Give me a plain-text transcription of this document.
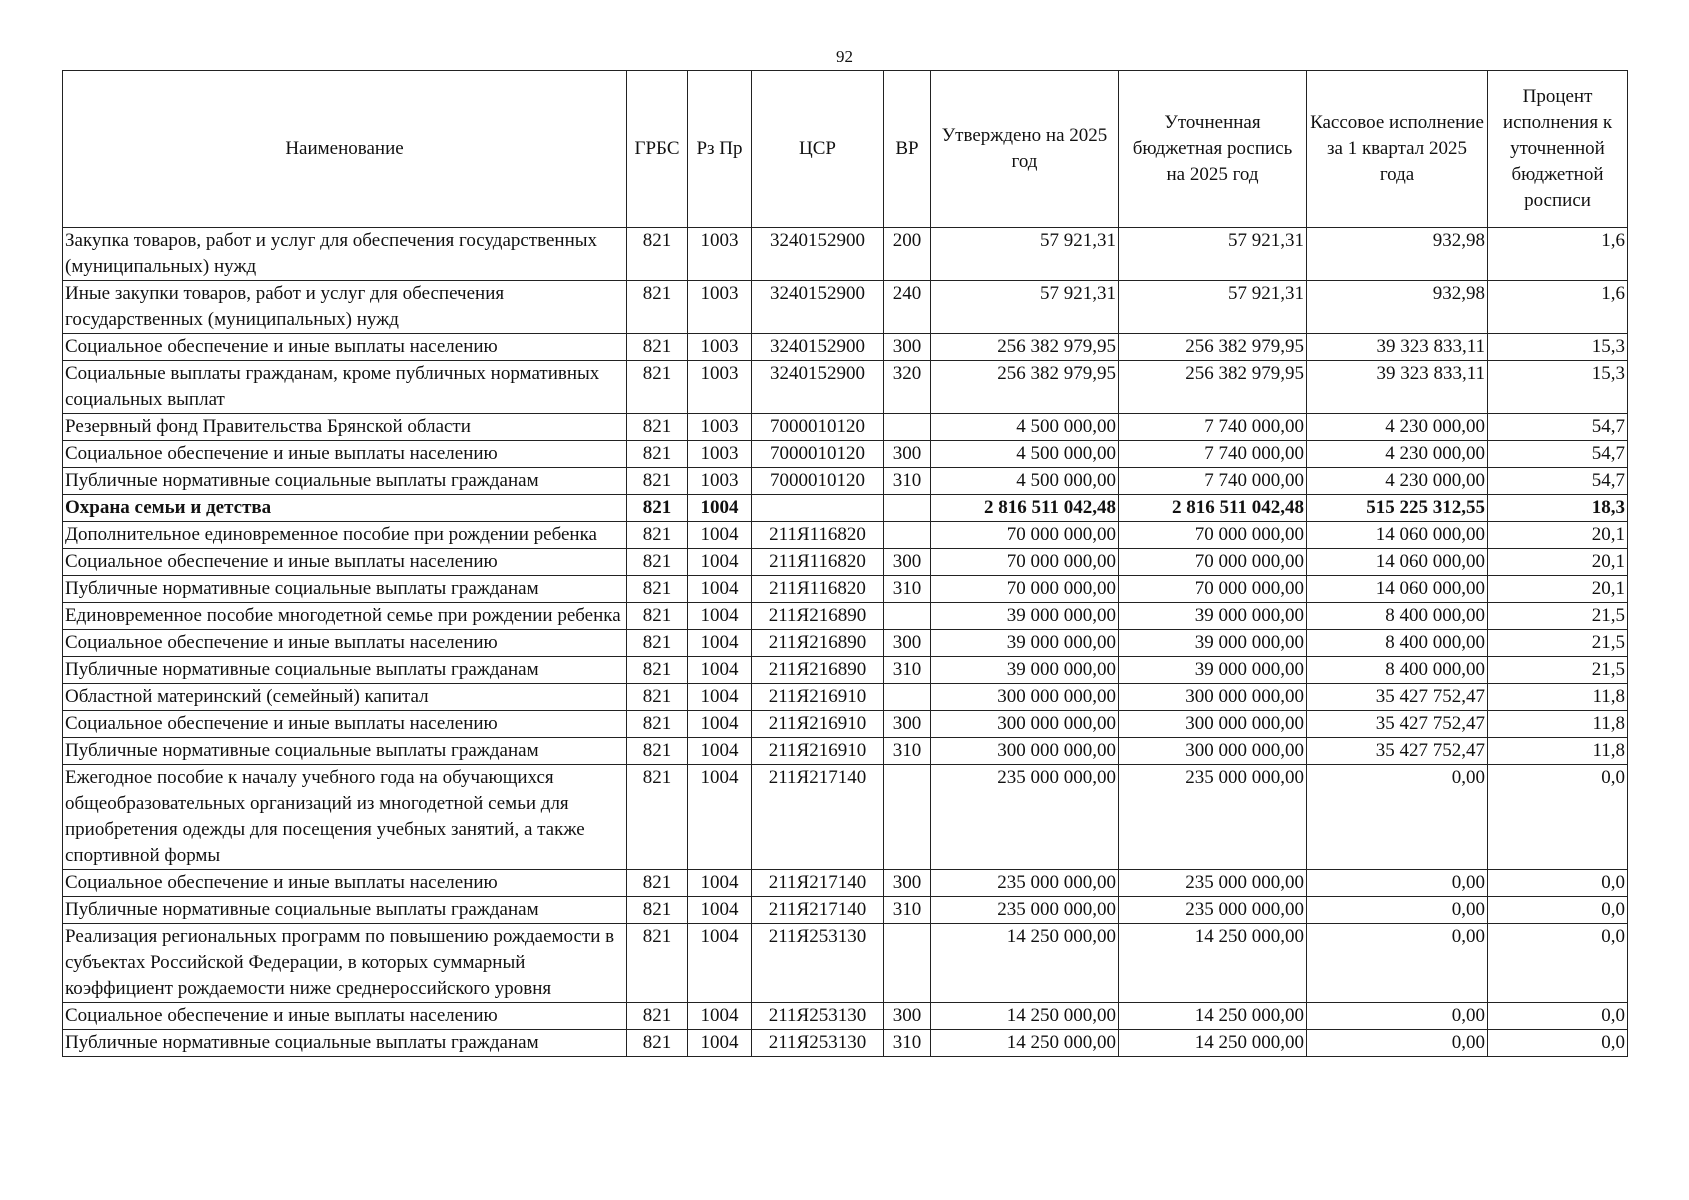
92
Наименование	ГРБС	Рз Пр	ЦСР	ВР	Утверждено на 2025 год	Уточненная бюджетная роспись на 2025 год	Кассовое исполнение за 1 квартал 2025 года	Процент исполнения к уточненной бюджетной росписи
Закупка товаров, работ и услуг для обеспечения государственных (муниципальных) нужд	821	1003	3240152900	200	57 921,31	57 921,31	932,98	1,6
Иные закупки товаров, работ и услуг для обеспечения государственных (муниципальных) нужд	821	1003	3240152900	240	57 921,31	57 921,31	932,98	1,6
Социальное обеспечение и иные выплаты населению	821	1003	3240152900	300	256 382 979,95	256 382 979,95	39 323 833,11	15,3
Социальные выплаты гражданам, кроме публичных нормативных социальных выплат	821	1003	3240152900	320	256 382 979,95	256 382 979,95	39 323 833,11	15,3
Резервный фонд Правительства Брянской области	821	1003	7000010120		4 500 000,00	7 740 000,00	4 230 000,00	54,7
Социальное обеспечение и иные выплаты населению	821	1003	7000010120	300	4 500 000,00	7 740 000,00	4 230 000,00	54,7
Публичные нормативные социальные выплаты гражданам	821	1003	7000010120	310	4 500 000,00	7 740 000,00	4 230 000,00	54,7
Охрана семьи и детства	821	1004			2 816 511 042,48	2 816 511 042,48	515 225 312,55	18,3
Дополнительное единовременное пособие при рождении ребенка	821	1004	211Я116820		70 000 000,00	70 000 000,00	14 060 000,00	20,1
Социальное обеспечение и иные выплаты населению	821	1004	211Я116820	300	70 000 000,00	70 000 000,00	14 060 000,00	20,1
Публичные нормативные социальные выплаты гражданам	821	1004	211Я116820	310	70 000 000,00	70 000 000,00	14 060 000,00	20,1
Единовременное пособие многодетной семье при рождении ребенка	821	1004	211Я216890		39 000 000,00	39 000 000,00	8 400 000,00	21,5
Социальное обеспечение и иные выплаты населению	821	1004	211Я216890	300	39 000 000,00	39 000 000,00	8 400 000,00	21,5
Публичные нормативные социальные выплаты гражданам	821	1004	211Я216890	310	39 000 000,00	39 000 000,00	8 400 000,00	21,5
Областной материнский (семейный) капитал	821	1004	211Я216910		300 000 000,00	300 000 000,00	35 427 752,47	11,8
Социальное обеспечение и иные выплаты населению	821	1004	211Я216910	300	300 000 000,00	300 000 000,00	35 427 752,47	11,8
Публичные нормативные социальные выплаты гражданам	821	1004	211Я216910	310	300 000 000,00	300 000 000,00	35 427 752,47	11,8
Ежегодное пособие к началу учебного года на обучающихся общеобразовательных организаций из многодетной семьи для приобретения одежды для посещения учебных занятий, а также спортивной формы	821	1004	211Я217140		235 000 000,00	235 000 000,00	0,00	0,0
Социальное обеспечение и иные выплаты населению	821	1004	211Я217140	300	235 000 000,00	235 000 000,00	0,00	0,0
Публичные нормативные социальные выплаты гражданам	821	1004	211Я217140	310	235 000 000,00	235 000 000,00	0,00	0,0
Реализация региональных программ по повышению рождаемости в субъектах Российской Федерации, в которых суммарный коэффициент рождаемости ниже среднероссийского уровня	821	1004	211Я253130		14 250 000,00	14 250 000,00	0,00	0,0
Социальное обеспечение и иные выплаты населению	821	1004	211Я253130	300	14 250 000,00	14 250 000,00	0,00	0,0
Публичные нормативные социальные выплаты гражданам	821	1004	211Я253130	310	14 250 000,00	14 250 000,00	0,00	0,0
